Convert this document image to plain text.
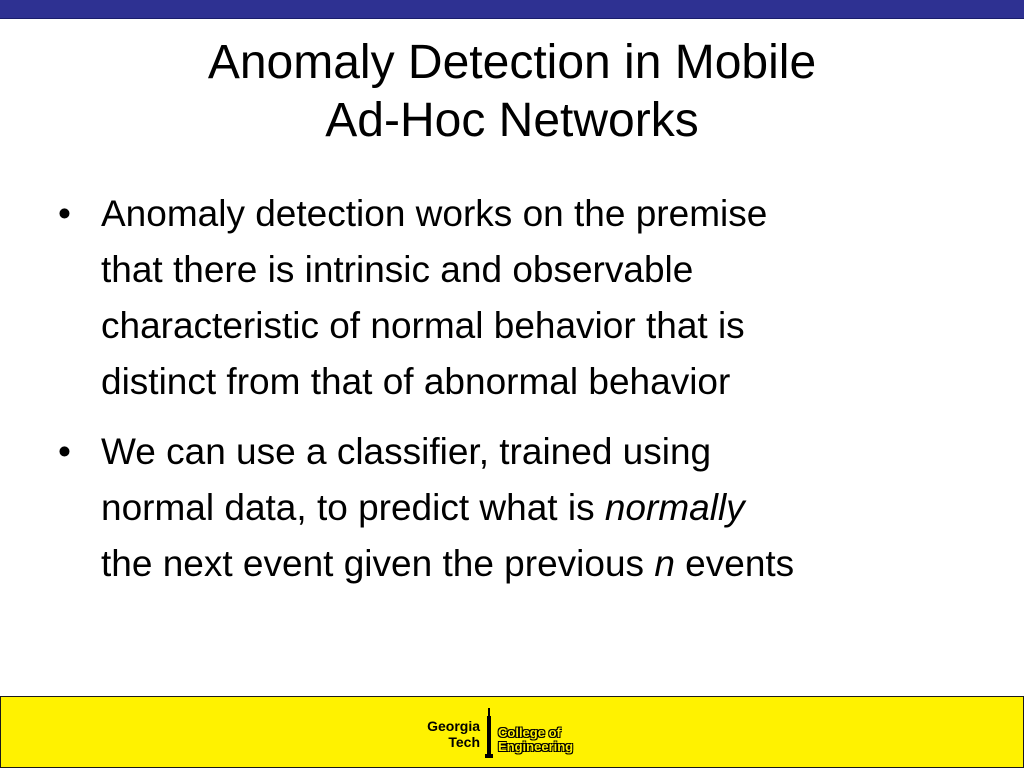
Anomaly Detection in Mobile
Ad-Hoc Networks
• Anomaly detection works on the premise
that there is intrinsic and observable
characteristic of normal behavior that is
distinct from that of abnormal behavior
• We can use a classifier, trained using
normal data, to predict what is normally
the next event given the previous n events
Georgia
Tech
College of
Engineering
